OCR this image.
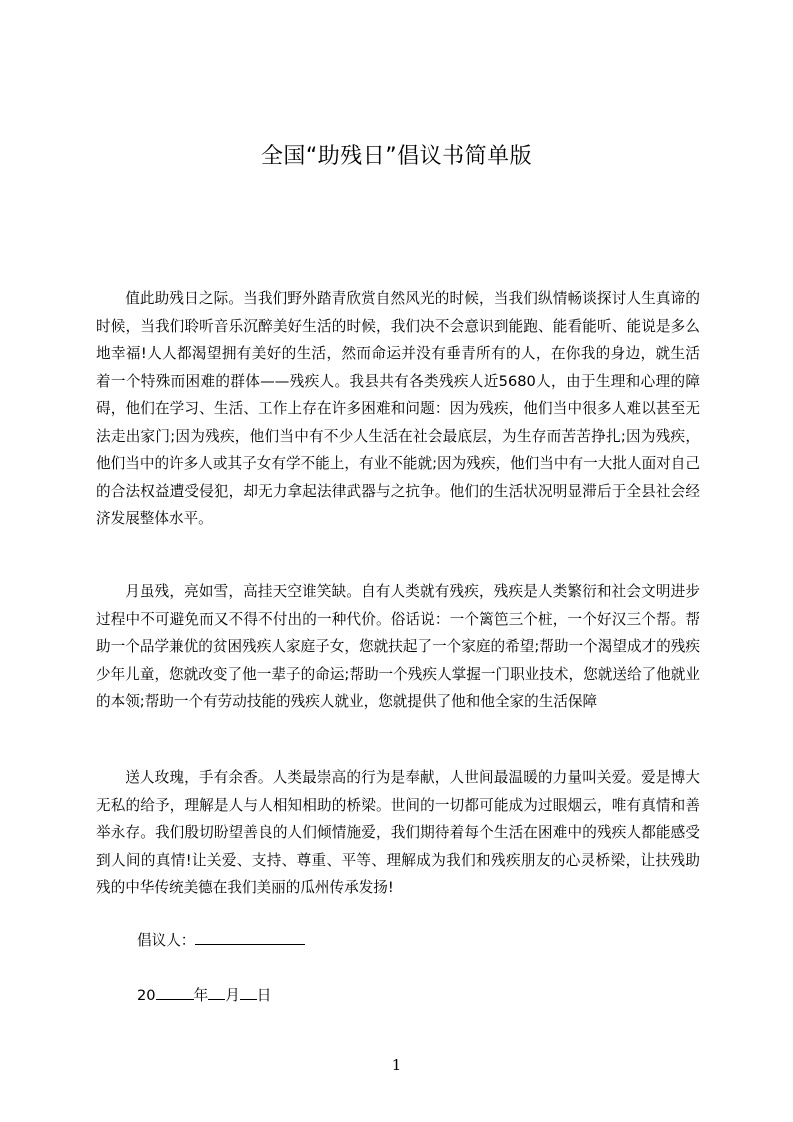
全国“助残日”倡议书简单版

值此助残日之际。当我们野外踏青欣赏自然风光的时候，当我们纵情畅谈探讨人生真谛的时候，当我们聆听音乐沉醉美好生活的时候，我们决不会意识到能跑、能看能听、能说是多么地幸福!人人都渴望拥有美好的生活，然而命运并没有垂青所有的人，在你我的身边，就生活着一个特殊而困难的群体——残疾人。我县共有各类残疾人近5680人，由于生理和心理的障碍，他们在学习、生活、工作上存在许多困难和问题：因为残疾，他们当中很多人难以甚至无法走出家门;因为残疾，他们当中有不少人生活在社会最底层，为生存而苦苦挣扎;因为残疾，他们当中的许多人或其子女有学不能上，有业不能就;因为残疾，他们当中有一大批人面对自己的合法权益遭受侵犯，却无力拿起法律武器与之抗争。他们的生活状况明显滞后于全县社会经济发展整体水平。

月虽残，亮如雪，高挂天空谁笑缺。自有人类就有残疾，残疾是人类繁衍和社会文明进步过程中不可避免而又不得不付出的一种代价。俗话说：一个篱笆三个桩，一个好汉三个帮。帮助一个品学兼优的贫困残疾人家庭子女，您就扶起了一个家庭的希望;帮助一个渴望成才的残疾少年儿童，您就改变了他一辈子的命运;帮助一个残疾人掌握一门职业技术，您就送给了他就业的本领;帮助一个有劳动技能的残疾人就业，您就提供了他和他全家的生活保障

送人玫瑰，手有余香。人类最崇高的行为是奉献，人世间最温暖的力量叫关爱。爱是博大无私的给予，理解是人与人相知相助的桥梁。世间的一切都可能成为过眼烟云，唯有真情和善举永存。我们殷切盼望善良的人们倾情施爱，我们期待着每个生活在困难中的残疾人都能感受到人间的真情!让关爱、支持、尊重、平等、理解成为我们和残疾朋友的心灵桥梁，让扶残助残的中华传统美德在我们美丽的瓜州传承发扬!

倡议人：
20	年 月 日
1
